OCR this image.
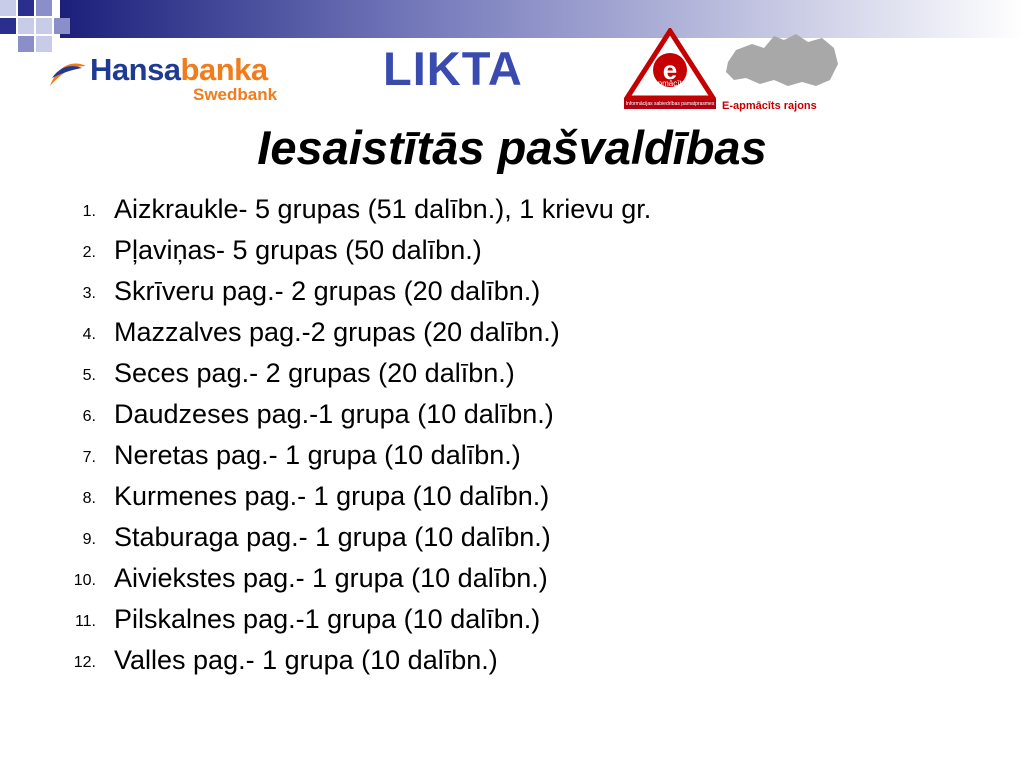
Hansabanka
Swedbank LIKTA	e
Apmācīts
Informācijas sabiedrības pamatprasmes E-apmācīts rajons
Iesaistītās pašvaldības
1. Aizkraukle- 5 grupas (51 dalībn.), 1 krievu gr.
2. Pļaviņas- 5 grupas (50 dalībn.)
3. Skrīveru pag.- 2 grupas (20 dalībn.)
4. Mazzalves pag.-2 grupas (20 dalībn.)
5. Seces pag.- 2 grupas (20 dalībn.)
6. Daudzeses pag.-1 grupa (10 dalībn.)
7. Neretas pag.- 1 grupa (10 dalībn.)
8. Kurmenes pag.- 1 grupa (10 dalībn.)
9. Staburaga pag.- 1 grupa (10 dalībn.)
10. Aiviekstes pag.- 1 grupa (10 dalībn.)
11. Pilskalnes pag.-1 grupa (10 dalībn.)
12. Valles pag.- 1 grupa (10 dalībn.)
